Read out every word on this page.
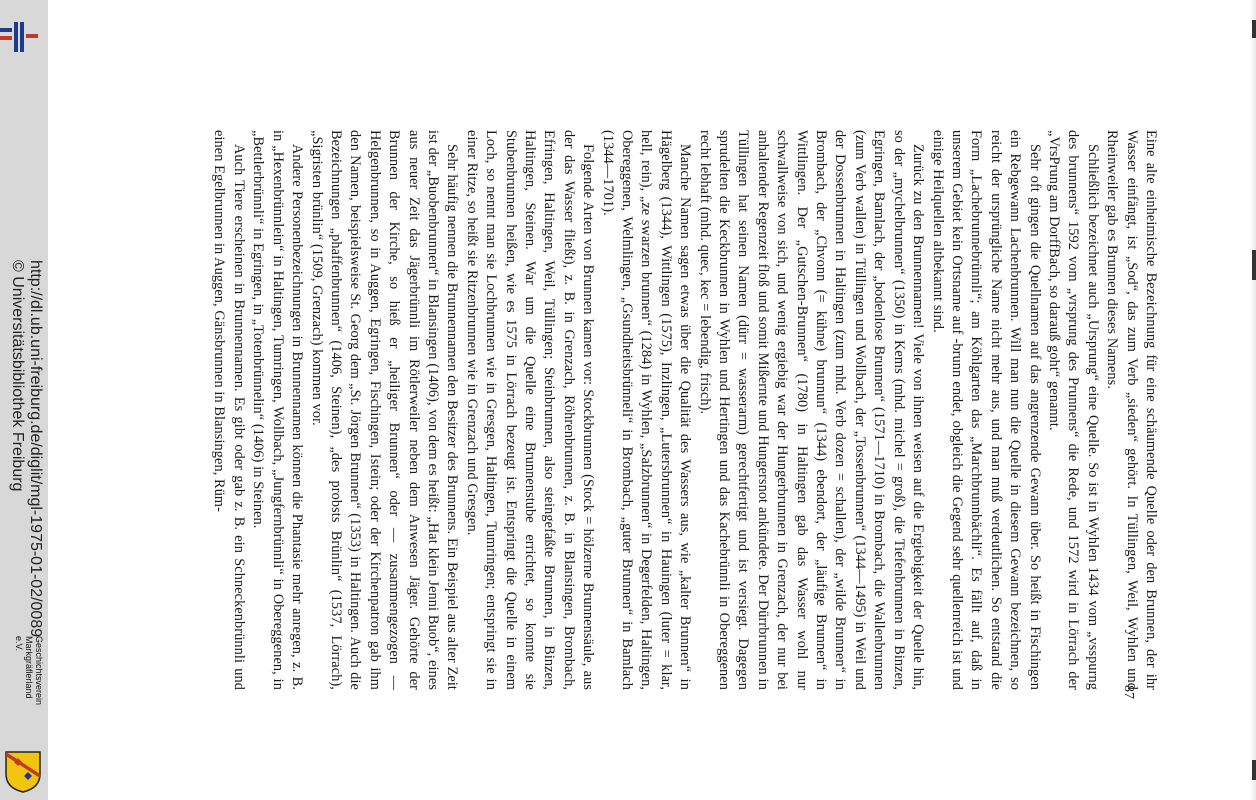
http://dl.ub.uni-freiburg.de/diglit/mgl-1975-01-02/0089
© Universitätsbibliothek Freiburg
Geschichtsverein
Markgräflerland e.V.	Eine alte einheimische Bezeichnung für eine schäumende Quelle oder den Brunnen, der ihr Wasser einfängt, ist „Sod“, das zum Verb „sieden“ gehört. In Tüllingen, Weil, Wyhlen und Rheinweiler gab es Brunnen dieses Namens.

Schließlich bezeichnet auch „Ursprung“ eine Quelle. So ist in Wyhlen 1434 vom „vsspurng des brunnens“ 1592 vom „vrsprung des Prunnens“ die Rede, und 1572 wird in Lörrach der „VrsPrung am DorffBach, so darauß goht“ genannt.

Sehr oft gingen die Quellnamen auf das angrenzende Gewann über. So heißt in Fischingen ein Rebgewann Lachenbrunnen. Will man nun die Quelle in diesem Gewann bezeichnen, so reicht der ursprüngliche Name nicht mehr aus, und man muß verdeutlichen. So entstand die Form „Lachebrunnebrünnli“; am Köhlgarten das „Marchbrunnbächli“. Es fällt auf, daß in unserem Gebiet kein Ortsname auf -brunn endet, obgleich die Gegend sehr quellenreich ist und einige Heilquellen altbekannt sind.

Zurück zu den Brunnennamen! Viele von ihnen weisen auf die Ergiebigkeit der Quelle hin, so der „mychelbrunnen“ (1350) in Kems (mhd. michel = groß), die Tiefenbrunnen in Binzen, Egringen, Bamlach, der „bodenlose Brunnen“ (1571—1710) in Brombach, die Wallenbrunnen (zum Verb wallen) in Tüllingen und Wollbach, der „Tossenbrunnen“ (1344—1495) in Weil und der Dossenbrunnen in Haltingen (zum mhd. Verb dozen = schallen), der „wilde Brunnen“ in Brombach, der „Chvonn (= kühne) brunnun“ (1344) ebendort, der „läufige Brunnen“ in Wittlingen. Der „Gutschen-Brunnen“ (1780) in Haltingen gab das Wasser wohl nur schwallweise von sich, und wenig ergiebig war der Hungerbrunnen in Grenzach, der nur bei anhaltender Regenzeit floß und somit Mißernte und Hungersnot ankündete. Der Dürrbrunnen in Tüllingen hat seinen Namen (dürr = wasserarm) gerechtfertigt und ist versiegt. Dagegen sprudelten die Keckbrunnen in Wyhlen und Hertingen und das Kachebrünnli in Obereggenen recht lebhaft (mhd. quec, kec = lebendig, frisch).

Manche Namen sagen etwas über die Qualität des Wassers aus, wie „kalter Brunnen“ in Hägelberg (1344), Wittlingen (1575), Inzlingen, „Lutersbrunnen“ in Hauingen (luter = klar, hell, rein), „ze swarzen brunnen“ (1284) in Wyhlen, „Salzbrunnen“ in Degerfelden, Haltingen, Obereggenen, Welmlingen, „Gsundheitsbrünneli“ in Brombach, „guter Brunnen“ in Bamlach (1344—1701).

Folgende Arten von Brunnen kamen vor: Stockbrunnen (Stock = hölzerne Brunnensäule, aus der das Wasser fließt), z. B. in Grenzach, Röhrenbrunnen, z. B. in Blansingen, Brombach, Efringen, Haltingen, Weil, Tüllingen; Steinbrunnen, also steingefaßte Brunnen, in Binzen, Haltingen, Steinen. War um die Quelle eine Brunnenstube errichtet, so konnte sie Stubenbrunnen heißen, wie es 1575 in Lörrach bezeugt ist. Entspringt die Quelle in einem Loch, so nennt man sie Lochbrunnen wie in Gresgen, Haltingen, Tumringen; entspringt sie in einer Ritze, so heißt sie Ritzenbrunnen wie in Grenzach und Gresgen.

Sehr häufig nennen die Brunnennamen den Besitzer des Brunnens. Ein Beispiel aus alter Zeit ist der „Buobenbrunnen“ in Blansingen (1406), von dem es heißt: „Hat klein Jenni Buob“, eines aus neuer Zeit das Jägerbrünnli im Rötlerweiler neben dem Anwesen Jäger. Gehörte der Brunnen der Kirche, so hieß er „heiliger Brunnen“ oder — zusammengezogen — Helgenbrunnen, so in Auggen, Egringen, Fischingen, Istein; oder der Kirchenpatron gab ihm den Namen, beispielsweise St. Georg dem „St. Jörgen Brunnen“ (1353) in Haltingen. Auch die Bezeichnungen „phaffenbrunnen“ (1406, Steinen), „des probsts Brünlin“ (1537, Lörrach), „Sigristen brünlin“ (1509, Grenzach) kommen vor.

Andere Personenbezeichnungen in Brunnennamen können die Phantasie mehr anregen, z. B. in „Hexenbrünnlein“ in Haltingen, Tumringen, Wollbach, „Jungfernbrünnli“ in Obereggenen, in „Bettlerbrünnli“ in Egringen, in „Totenbrünnelin“ (1406) in Steinen.

Auch Tiere erscheinen in Brunnennamen. Es gibt oder gab z. B. ein Schneckenbrünnli und einen Egelbrunnen in Auggen, Gänsbrunnen in Blansingen, Rüm-

87
